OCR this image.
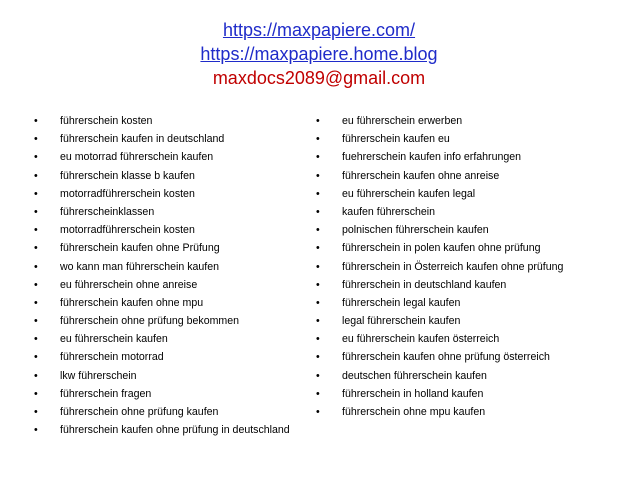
https://maxpapiere.com/
https://maxpapiere.home.blog
maxdocs2089@gmail.com
• führerschein kosten
• führerschein kaufen in deutschland
• eu motorrad führerschein kaufen
• führerschein klasse b kaufen
• motorradführerschein kosten
• führerscheinklassen
• motorradführerschein kosten
• führerschein kaufen ohne Prüfung
• wo kann man führerschein kaufen
• eu führerschein ohne anreise
• führerschein kaufen ohne mpu
• führerschein ohne prüfung bekommen
• eu führerschein kaufen
• führerschein motorrad
• lkw führerschein
• führerschein fragen
• führerschein ohne prüfung kaufen
• führerschein kaufen ohne prüfung in deutschland
• eu führerschein erwerben
• führerschein kaufen eu
• fuehrerschein kaufen info erfahrungen
• führerschein kaufen ohne anreise
• eu führerschein kaufen legal
• kaufen führerschein
• polnischen führerschein kaufen
• führerschein in polen kaufen ohne prüfung
• führerschein in Österreich kaufen ohne prüfung
• führerschein in deutschland kaufen
• führerschein legal kaufen
• legal führerschein kaufen
• eu führerschein kaufen österreich
• führerschein kaufen ohne prüfung österreich
• deutschen führerschein kaufen
• führerschein in holland kaufen
• führerschein ohne mpu kaufen
